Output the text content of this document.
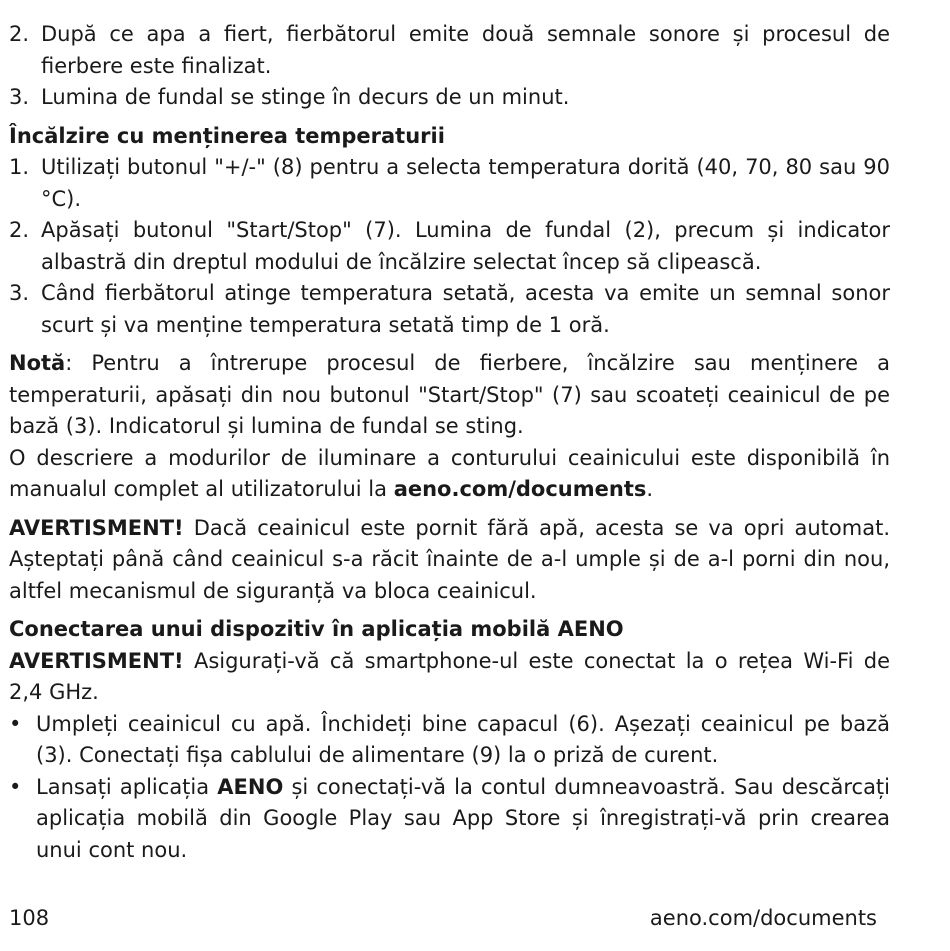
2. După ce apa a fiert, fierbătorul emite două semnale sonore și procesul de fierbere este finalizat.
3. Lumina de fundal se stinge în decurs de un minut.
Încălzire cu menținerea temperaturii
1. Utilizați butonul "+/-" (8) pentru a selecta temperatura dorită (40, 70, 80 sau 90 °C).
2. Apăsați butonul "Start/Stop" (7). Lumina de fundal (2), precum și indicator albastră din dreptul modului de încălzire selectat încep să clipească.
3. Când fierbătorul atinge temperatura setată, acesta va emite un semnal sonor scurt și va menține temperatura setată timp de 1 oră.

Notă: Pentru a întrerupe procesul de fierbere, încălzire sau menținere a temperaturii, apăsați din nou butonul "Start/Stop" (7) sau scoateți ceainicul de pe bază (3). Indicatorul și lumina de fundal se sting.

O descriere a modurilor de iluminare a conturului ceainicului este disponibilă în manualul complet al utilizatorului la aeno.com/documents.

AVERTISMENT! Dacă ceainicul este pornit fără apă, acesta se va opri automat. Așteptați până când ceainicul s-a răcit înainte de a-l umple și de a-l porni din nou, altfel mecanismul de siguranță va bloca ceainicul.

Conectarea unui dispozitiv în aplicația mobilă AENO

AVERTISMENT! Asigurați-vă că smartphone-ul este conectat la o rețea Wi-Fi de 2,4 GHz.

• Umpleți ceainicul cu apă. Închideți bine capacul (6). Așezați ceainicul pe bază (3). Conectați fișa cablului de alimentare (9) la o priză de curent.
• Lansați aplicația AENO și conectați-vă la contul dumneavoastră. Sau descărcați aplicația mobilă din Google Play sau App Store și înregistrați-vă prin crearea unui cont nou.
108	aeno.com/documents
